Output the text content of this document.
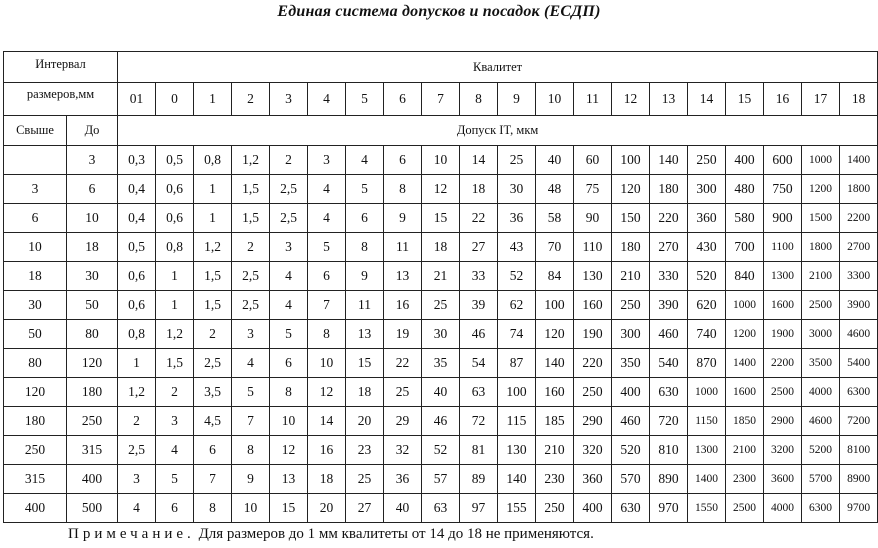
Единая система допусков и посадок (ЕСДП)
Интервал		Квалитет																			
размеров,мм		01	0	1	2	3	4	5	6	7	8	9	10	11	12	13	14	15	16	17	18
Свыше	До	Допуск IT, мкм																			
	3	0,3	0,5	0,8	1,2	2	3	4	6	10	14	25	40	60	100	140	250	400	600	1000	1400
3	6	0,4	0,6	1	1,5	2,5	4	5	8	12	18	30	48	75	120	180	300	480	750	1200	1800
6	10	0,4	0,6	1	1,5	2,5	4	6	9	15	22	36	58	90	150	220	360	580	900	1500	2200
10	18	0,5	0,8	1,2	2	3	5	8	11	18	27	43	70	110	180	270	430	700	1100	1800	2700
18	30	0,6	1	1,5	2,5	4	6	9	13	21	33	52	84	130	210	330	520	840	1300	2100	3300
30	50	0,6	1	1,5	2,5	4	7	11	16	25	39	62	100	160	250	390	620	1000	1600	2500	3900
50	80	0,8	1,2	2	3	5	8	13	19	30	46	74	120	190	300	460	740	1200	1900	3000	4600
80	120	1	1,5	2,5	4	6	10	15	22	35	54	87	140	220	350	540	870	1400	2200	3500	5400
120	180	1,2	2	3,5	5	8	12	18	25	40	63	100	160	250	400	630	1000	1600	2500	4000	6300
180	250	2	3	4,5	7	10	14	20	29	46	72	115	185	290	460	720	1150	1850	2900	4600	7200
250	315	2,5	4	6	8	12	16	23	32	52	81	130	210	320	520	810	1300	2100	3200	5200	8100
315	400	3	5	7	9	13	18	25	36	57	89	140	230	360	570	890	1400	2300	3600	5700	8900
400	500	4	6	8	10	15	20	27	40	63	97	155	250	400	630	970	1550	2500	4000	6300	9700
Примечание. Для размеров до 1 мм квалитеты от 14 до 18 не применяются.
